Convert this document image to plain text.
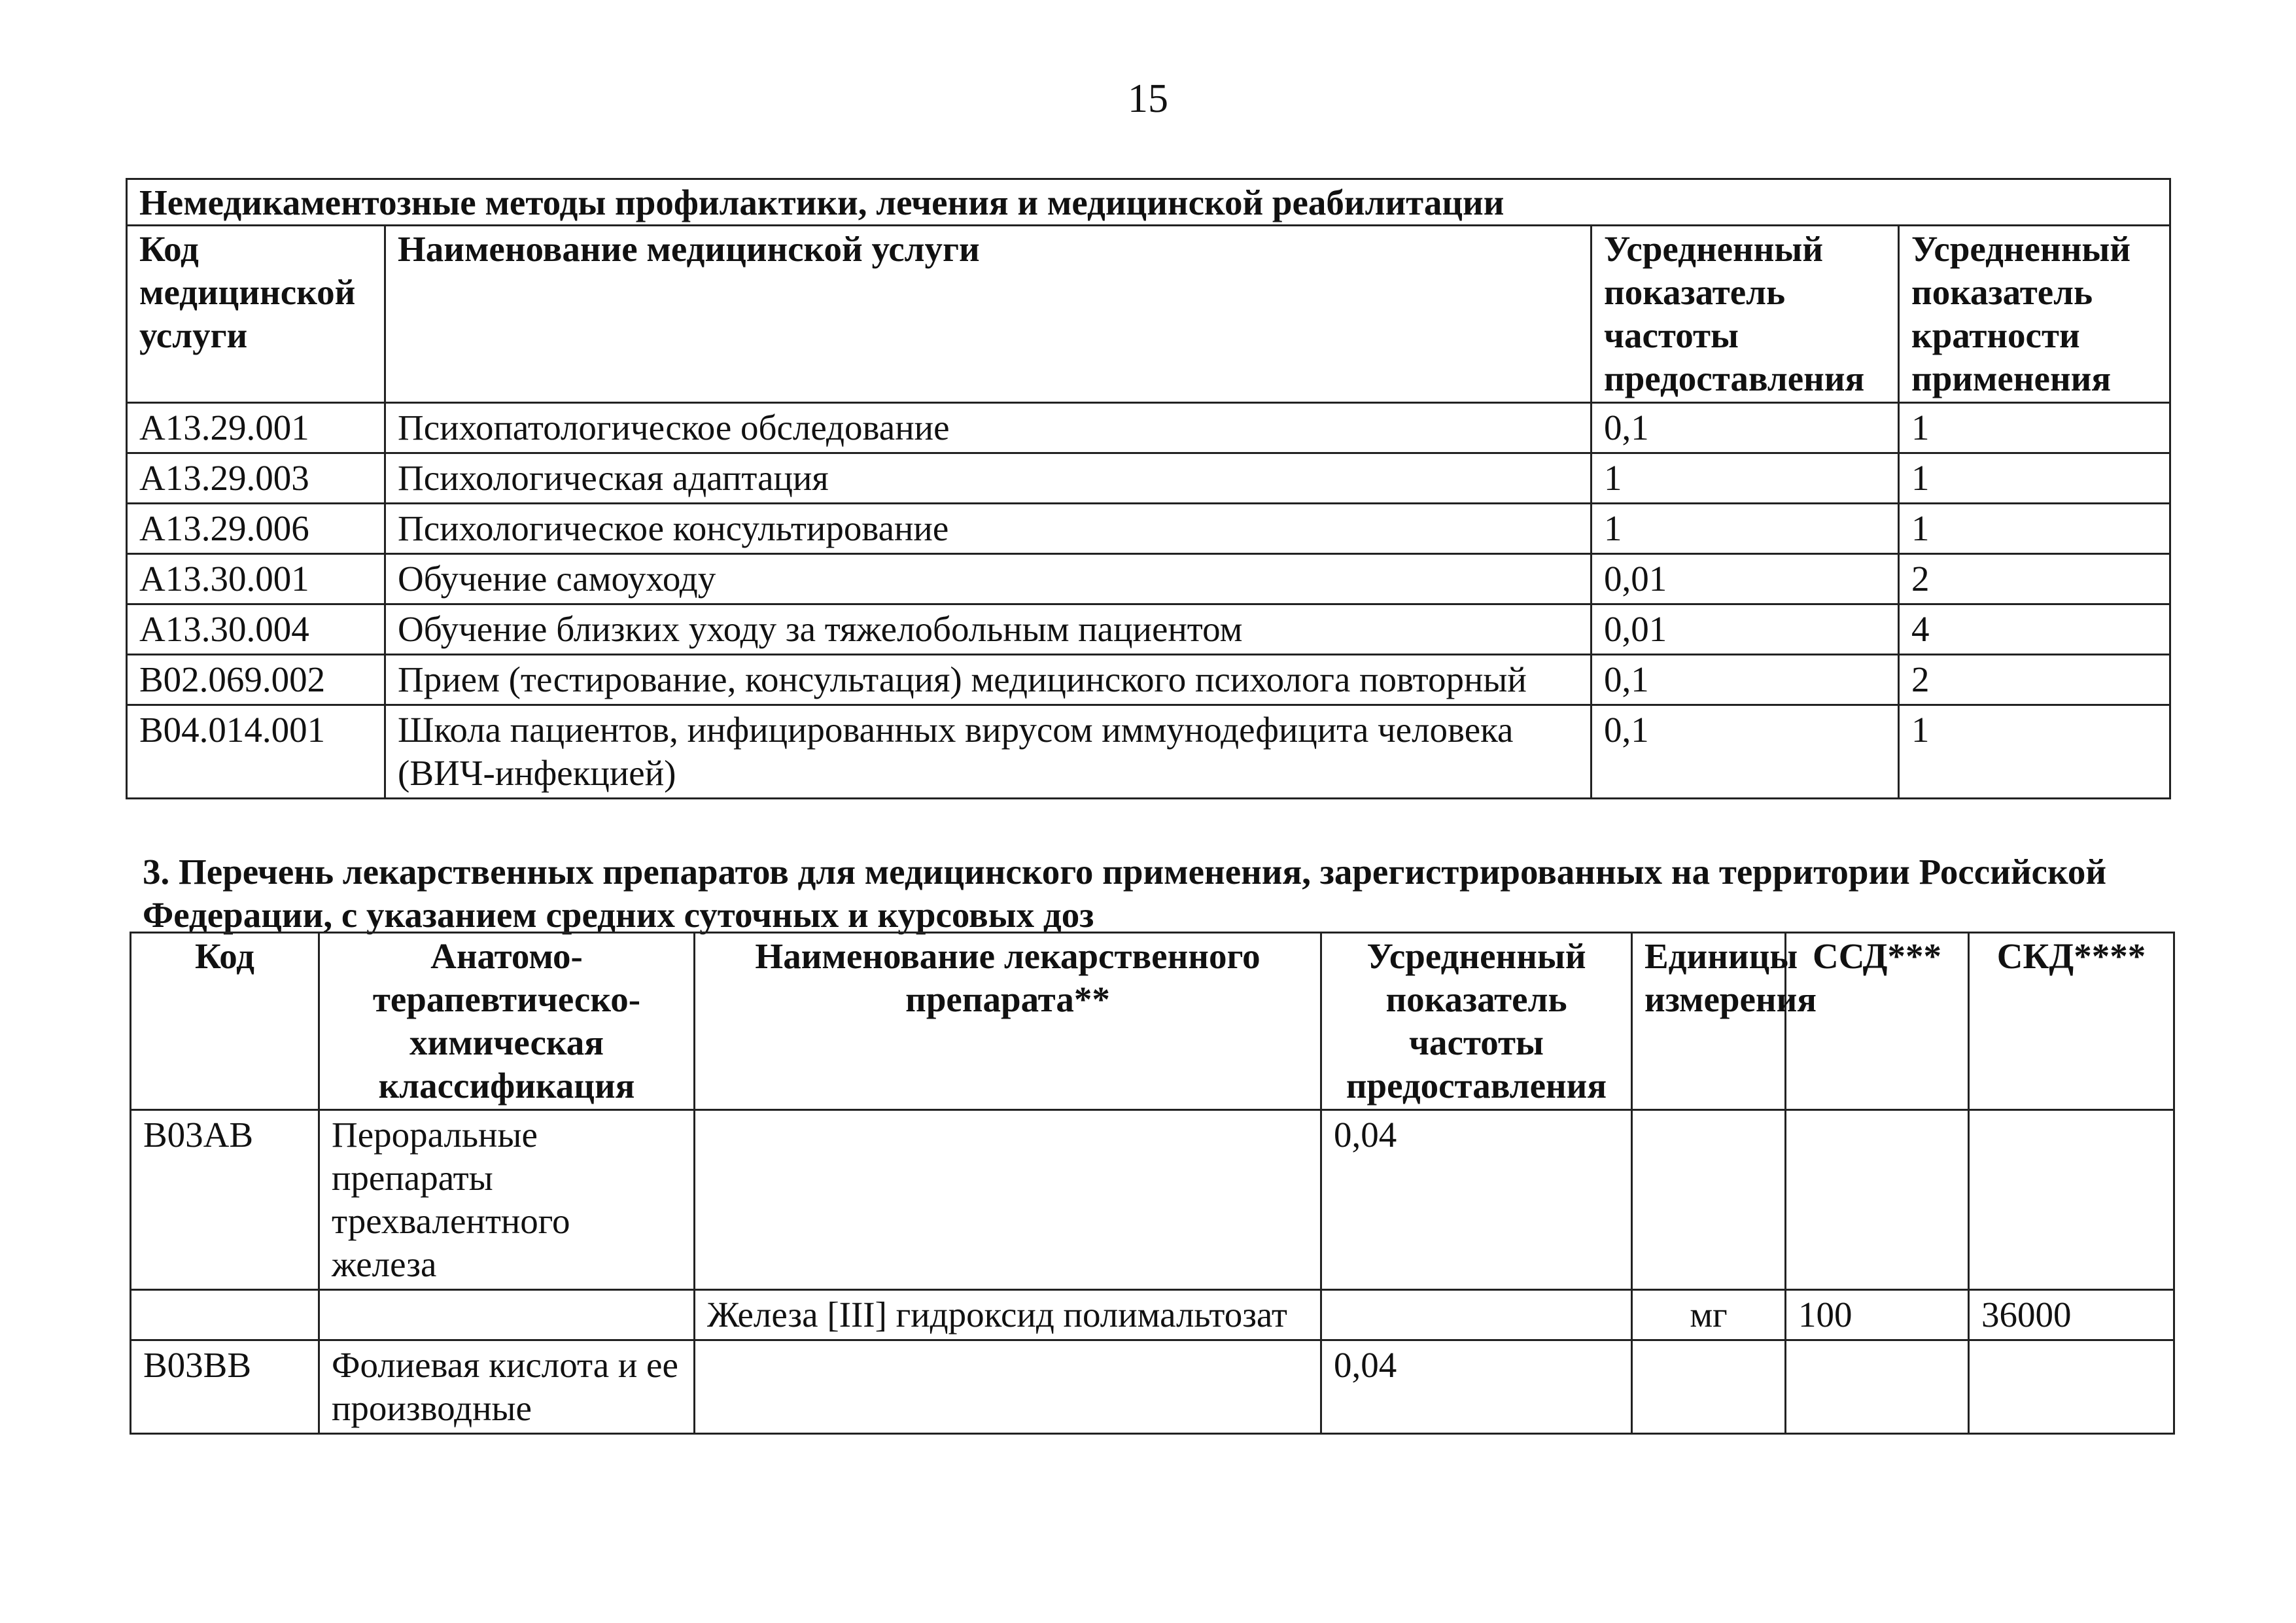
15
Немедикаментозные методы профилактики, лечения и медицинской реабилитации			
Код медицинской услуги	Наименование медицинской услуги	Усредненный показатель частоты предоставления	Усредненный показатель кратности применения
A13.29.001	Психопатологическое обследование	0,1	1
A13.29.003	Психологическая адаптация	1	1
A13.29.006	Психологическое консультирование	1	1
A13.30.001	Обучение самоуходу	0,01	2
A13.30.004	Обучение близких уходу за тяжелобольным пациентом	0,01	4
B02.069.002	Прием (тестирование, консультация) медицинского психолога повторный	0,1	2
B04.014.001	Школа пациентов, инфицированных вирусом иммунодефицита человека (ВИЧ-инфекцией)	0,1	1
3. Перечень лекарственных препаратов для медицинского применения, зарегистрированных на территории Российской Федерации, с указанием средних суточных и курсовых доз
Код	Анатомо-терапевтическо-химическая классификация	Наименование лекарственного препарата**	Усредненный показатель частоты предоставления	Единицы измерения	ССД***	СКД****
B03AB	Пероральные препараты трехвалентного железа		0,04			
		Железа [III] гидроксид полимальтозат		мг	100	36000
B03BB	Фолиевая кислота и ее производные		0,04			
